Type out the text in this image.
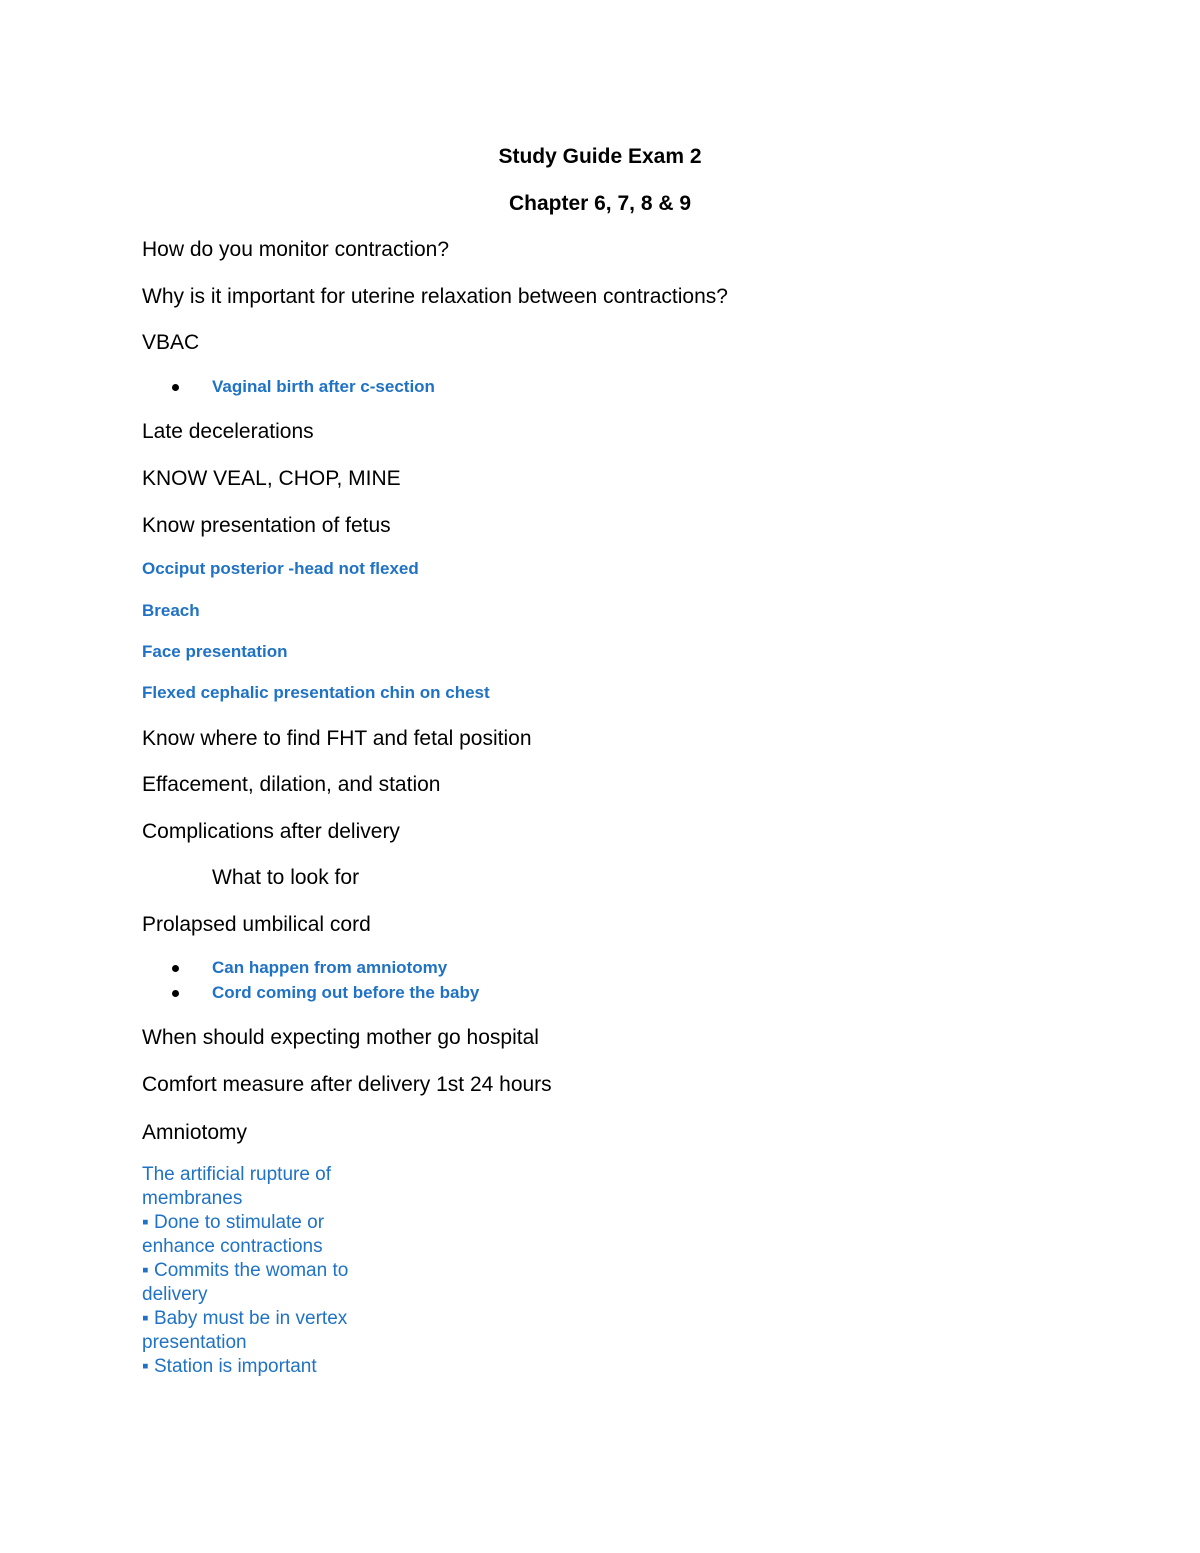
Study Guide Exam 2
Chapter 6, 7, 8 & 9
How do you monitor contraction?
Why is it important for uterine relaxation between contractions?
VBAC
Vaginal birth after c-section
Late decelerations
KNOW VEAL, CHOP, MINE
Know presentation of fetus
Occiput posterior -head not flexed
Breach
Face presentation
Flexed cephalic presentation chin on chest
Know where to find FHT and fetal position
Effacement, dilation, and station
Complications after delivery
What to look for
Prolapsed umbilical cord
Can happen from amniotomy
Cord coming out before the baby
When should expecting mother go hospital
Comfort measure after delivery 1st 24 hours
Amniotomy
The artificial rupture of
membranes
▪ Done to stimulate or
enhance contractions
▪ Commits the woman to
delivery
▪ Baby must be in vertex
presentation
▪ Station is important
